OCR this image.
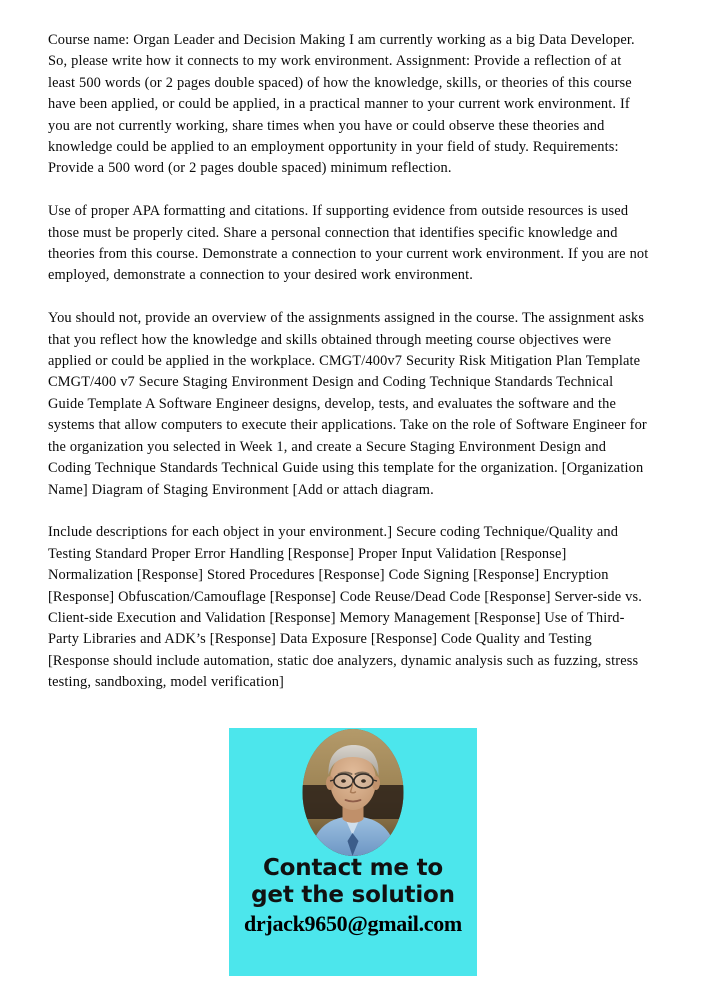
Course name: Organ Leader and Decision Making I am currently working as a big Data Developer. So, please write how it connects to my work environment. Assignment: Provide a reflection of at least 500 words (or 2 pages double spaced) of how the knowledge, skills, or theories of this course have been applied, or could be applied, in a practical manner to your current work environment. If you are not currently working, share times when you have or could observe these theories and knowledge could be applied to an employment opportunity in your field of study. Requirements: Provide a 500 word (or 2 pages double spaced) minimum reflection.

Use of proper APA formatting and citations. If supporting evidence from outside resources is used those must be properly cited. Share a personal connection that identifies specific knowledge and theories from this course. Demonstrate a connection to your current work environment. If you are not employed, demonstrate a connection to your desired work environment.

You should not, provide an overview of the assignments assigned in the course. The assignment asks that you reflect how the knowledge and skills obtained through meeting course objectives were applied or could be applied in the workplace. CMGT/400v7 Security Risk Mitigation Plan Template CMGT/400 v7 Secure Staging Environment Design and Coding Technique Standards Technical Guide Template A Software Engineer designs, develop, tests, and evaluates the software and the systems that allow computers to execute their applications. Take on the role of Software Engineer for the organization you selected in Week 1, and create a Secure Staging Environment Design and Coding Technique Standards Technical Guide using this template for the organization. [Organization Name] Diagram of Staging Environment [Add or attach diagram.

Include descriptions for each object in your environment.] Secure coding Technique/Quality and Testing Standard Proper Error Handling [Response] Proper Input Validation [Response] Normalization [Response] Stored Procedures [Response] Code Signing [Response] Encryption [Response] Obfuscation/Camouflage [Response] Code Reuse/Dead Code [Response] Server-side vs. Client-side Execution and Validation [Response] Memory Management [Response] Use of Third-Party Libraries and ADK’s [Response] Data Exposure [Response] Code Quality and Testing [Response should include automation, static doe analyzers, dynamic analysis such as fuzzing, stress testing, sandboxing, model verification]

Contact me to
get the solution
drjack9650@gmail.com
